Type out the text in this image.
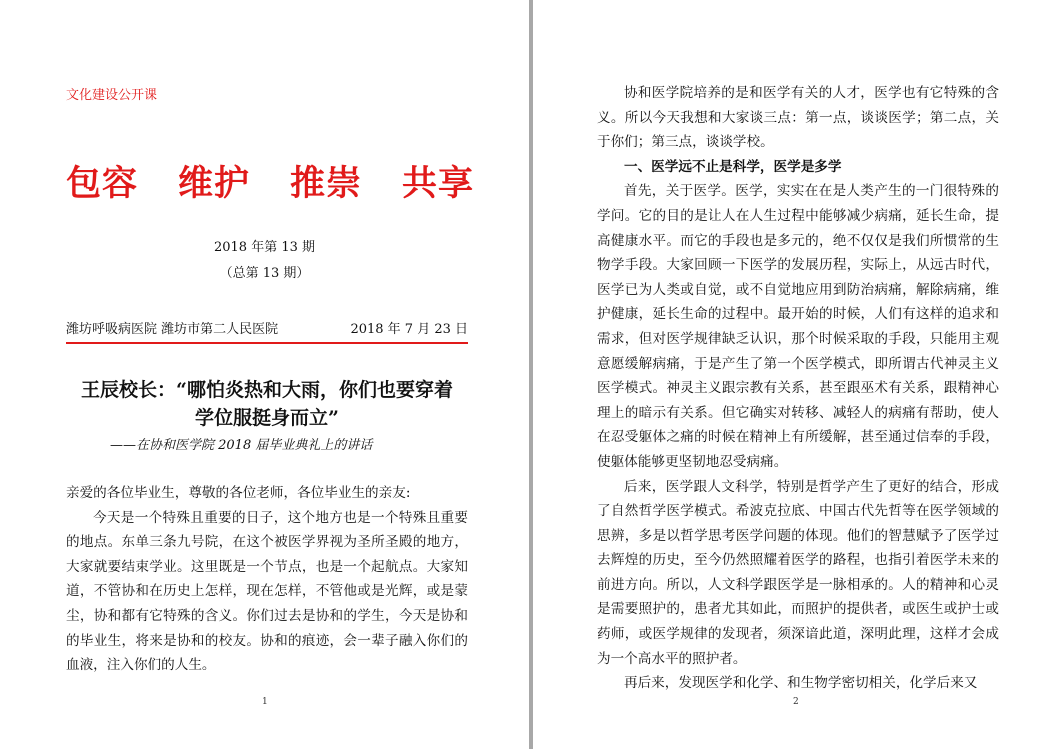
文化建设公开课
包容 维护 推崇 共享
2018 年第 13 期
（总第 13 期）
潍坊呼吸病医院 潍坊市第二人民医院	2018 年 7 月 23 日
王辰校长：“哪怕炎热和大雨，你们也要穿着
学位服挺身而立”
——在协和医学院 2018 届毕业典礼上的讲话

亲爱的各位毕业生，尊敬的各位老师，各位毕业生的亲友:

今天是一个特殊且重要的日子，这个地方也是一个特殊且重要的地点。东单三条九号院，在这个被医学界视为圣所圣殿的地方，大家就要结束学业。这里既是一个节点，也是一个起航点。大家知道，不管协和在历史上怎样，现在怎样，不管他或是光辉，或是蒙尘，协和都有它特殊的含义。你们过去是协和的学生，今天是协和的毕业生，将来是协和的校友。协和的痕迹，会一辈子融入你们的血液，注入你们的人生。

1

协和医学院培养的是和医学有关的人才，医学也有它特殊的含义。所以今天我想和大家谈三点：第一点，谈谈医学；第二点，关于你们；第三点，谈谈学校。

一、医学远不止是科学，医学是多学

首先，关于医学。医学，实实在在是人类产生的一门很特殊的学问。它的目的是让人在人生过程中能够减少病痛，延长生命，提高健康水平。而它的手段也是多元的，绝不仅仅是我们所惯常的生物学手段。大家回顾一下医学的发展历程，实际上，从远古时代，医学已为人类或自觉，或不自觉地应用到防治病痛，解除病痛，维护健康，延长生命的过程中。最开始的时候，人们有这样的追求和需求，但对医学规律缺乏认识，那个时候采取的手段，只能用主观意愿缓解病痛，于是产生了第一个医学模式，即所谓古代神灵主义医学模式。神灵主义跟宗教有关系，甚至跟巫术有关系，跟精神心理上的暗示有关系。但它确实对转移、减轻人的病痛有帮助，使人在忍受躯体之痛的时候在精神上有所缓解，甚至通过信奉的手段，使躯体能够更坚韧地忍受病痛。

后来，医学跟人文科学，特别是哲学产生了更好的结合，形成了自然哲学医学模式。希波克拉底、中国古代先哲等在医学领域的思辨，多是以哲学思考医学问题的体现。他们的智慧赋予了医学过去辉煌的历史，至今仍然照耀着医学的路程，也指引着医学未来的前进方向。所以，人文科学跟医学是一脉相承的。人的精神和心灵是需要照护的，患者尤其如此，而照护的提供者，或医生或护士或药师，或医学规律的发现者，须深谙此道，深明此理，这样才会成为一个高水平的照护者。

再后来，发现医学和化学、和生物学密切相关，化学后来又

2
